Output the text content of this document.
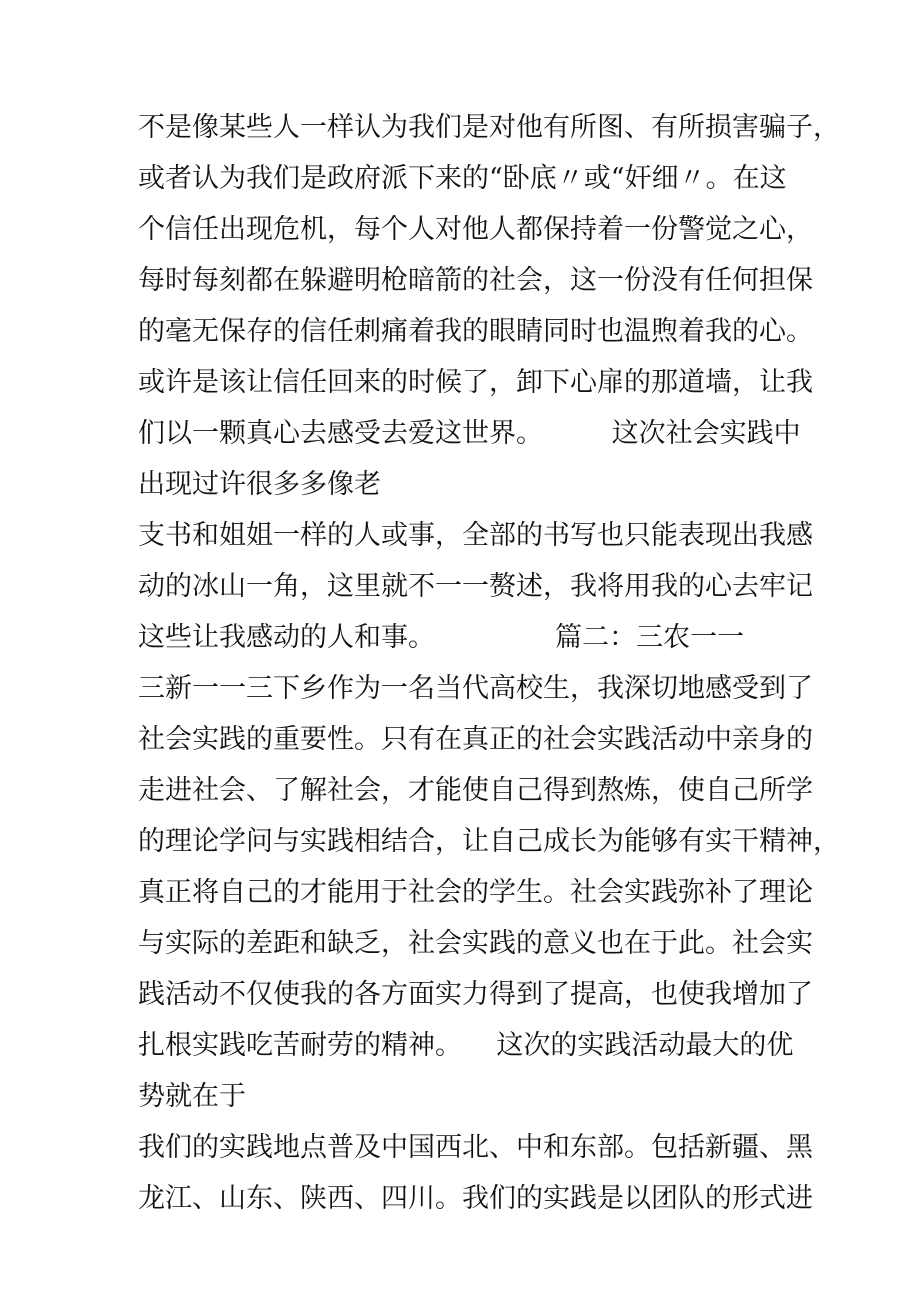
不是像某些人一样认为我们是对他有所图、有所损害骗子，
或者认为我们是政府派下来的“卧底〃或“奸细〃。在这
个信任出现危机，每个人对他人都保持着一份警觉之心，
每时每刻都在躲避明枪暗箭的社会，这一份没有任何担保
的毫无保存的信任刺痛着我的眼睛同时也温煦着我的心。
或许是该让信任回来的时候了，卸下心扉的那道墙，让我
们以一颗真心去感受去爱这世界。        这次社会实践中
出现过许很多多像老
支书和姐姐一样的人或事，全部的书写也只能表现出我感
动的冰山一角，这里就不一一赘述，我将用我的心去牢记
这些让我感动的人和事。              篇二：三农一一
三新一一三下乡作为一名当代高校生，我深切地感受到了
社会实践的重要性。只有在真正的社会实践活动中亲身的
走进社会、了解社会，才能使自己得到熬炼，使自己所学
的理论学问与实践相结合，让自己成长为能够有实干精神，
真正将自己的才能用于社会的学生。社会实践弥补了理论
与实际的差距和缺乏，社会实践的意义也在于此。社会实
践活动不仅使我的各方面实力得到了提高，也使我增加了
扎根实践吃苦耐劳的精神。    这次的实践活动最大的优
势就在于
我们的实践地点普及中国西北、中和东部。包括新疆、黑
龙江、山东、陕西、四川。我们的实践是以团队的形式进
